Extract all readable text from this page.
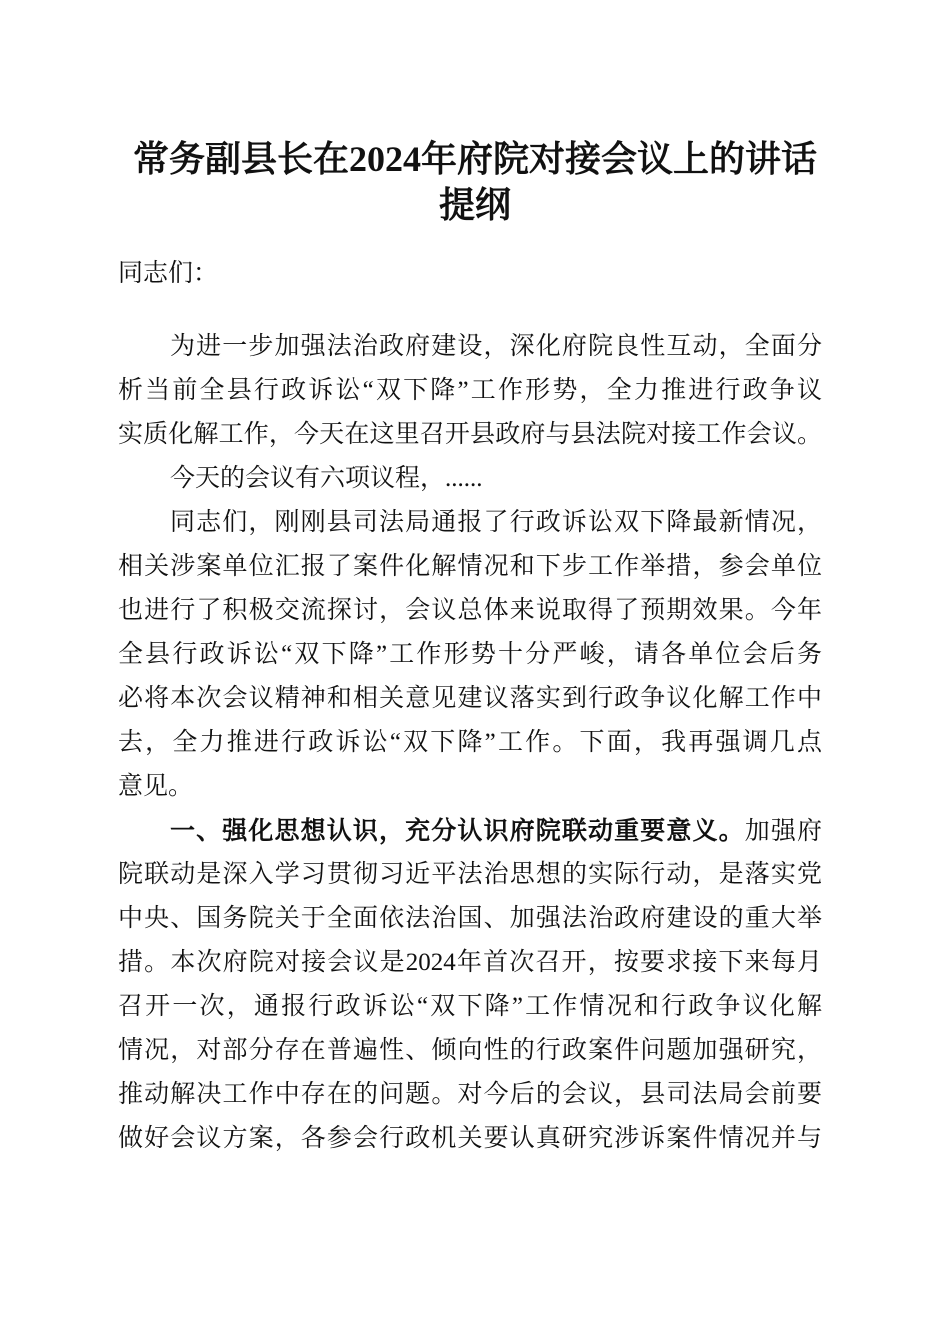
常务副县长在2024年府院对接会议上的讲话
提纲
同志们：
为进一步加强法治政府建设，深化府院良性互动，全面分
析当前全县行政诉讼“双下降”工作形势，全力推进行政争议
实质化解工作，今天在这里召开县政府与县法院对接工作会议。
今天的会议有六项议程，......
同志们，刚刚县司法局通报了行政诉讼双下降最新情况，
相关涉案单位汇报了案件化解情况和下步工作举措，参会单位
也进行了积极交流探讨，会议总体来说取得了预期效果。今年
全县行政诉讼“双下降”工作形势十分严峻，请各单位会后务
必将本次会议精神和相关意见建议落实到行政争议化解工作中
去，全力推进行政诉讼“双下降”工作。下面，我再强调几点
意见。
一、强化思想认识，充分认识府院联动重要意义。加强府
院联动是深入学习贯彻习近平法治思想的实际行动，是落实党
中央、国务院关于全面依法治国、加强法治政府建设的重大举
措。本次府院对接会议是2024年首次召开，按要求接下来每月
召开一次，通报行政诉讼“双下降”工作情况和行政争议化解
情况，对部分存在普遍性、倾向性的行政案件问题加强研究，
推动解决工作中存在的问题。对今后的会议，县司法局会前要
做好会议方案，各参会行政机关要认真研究涉诉案件情况并与
